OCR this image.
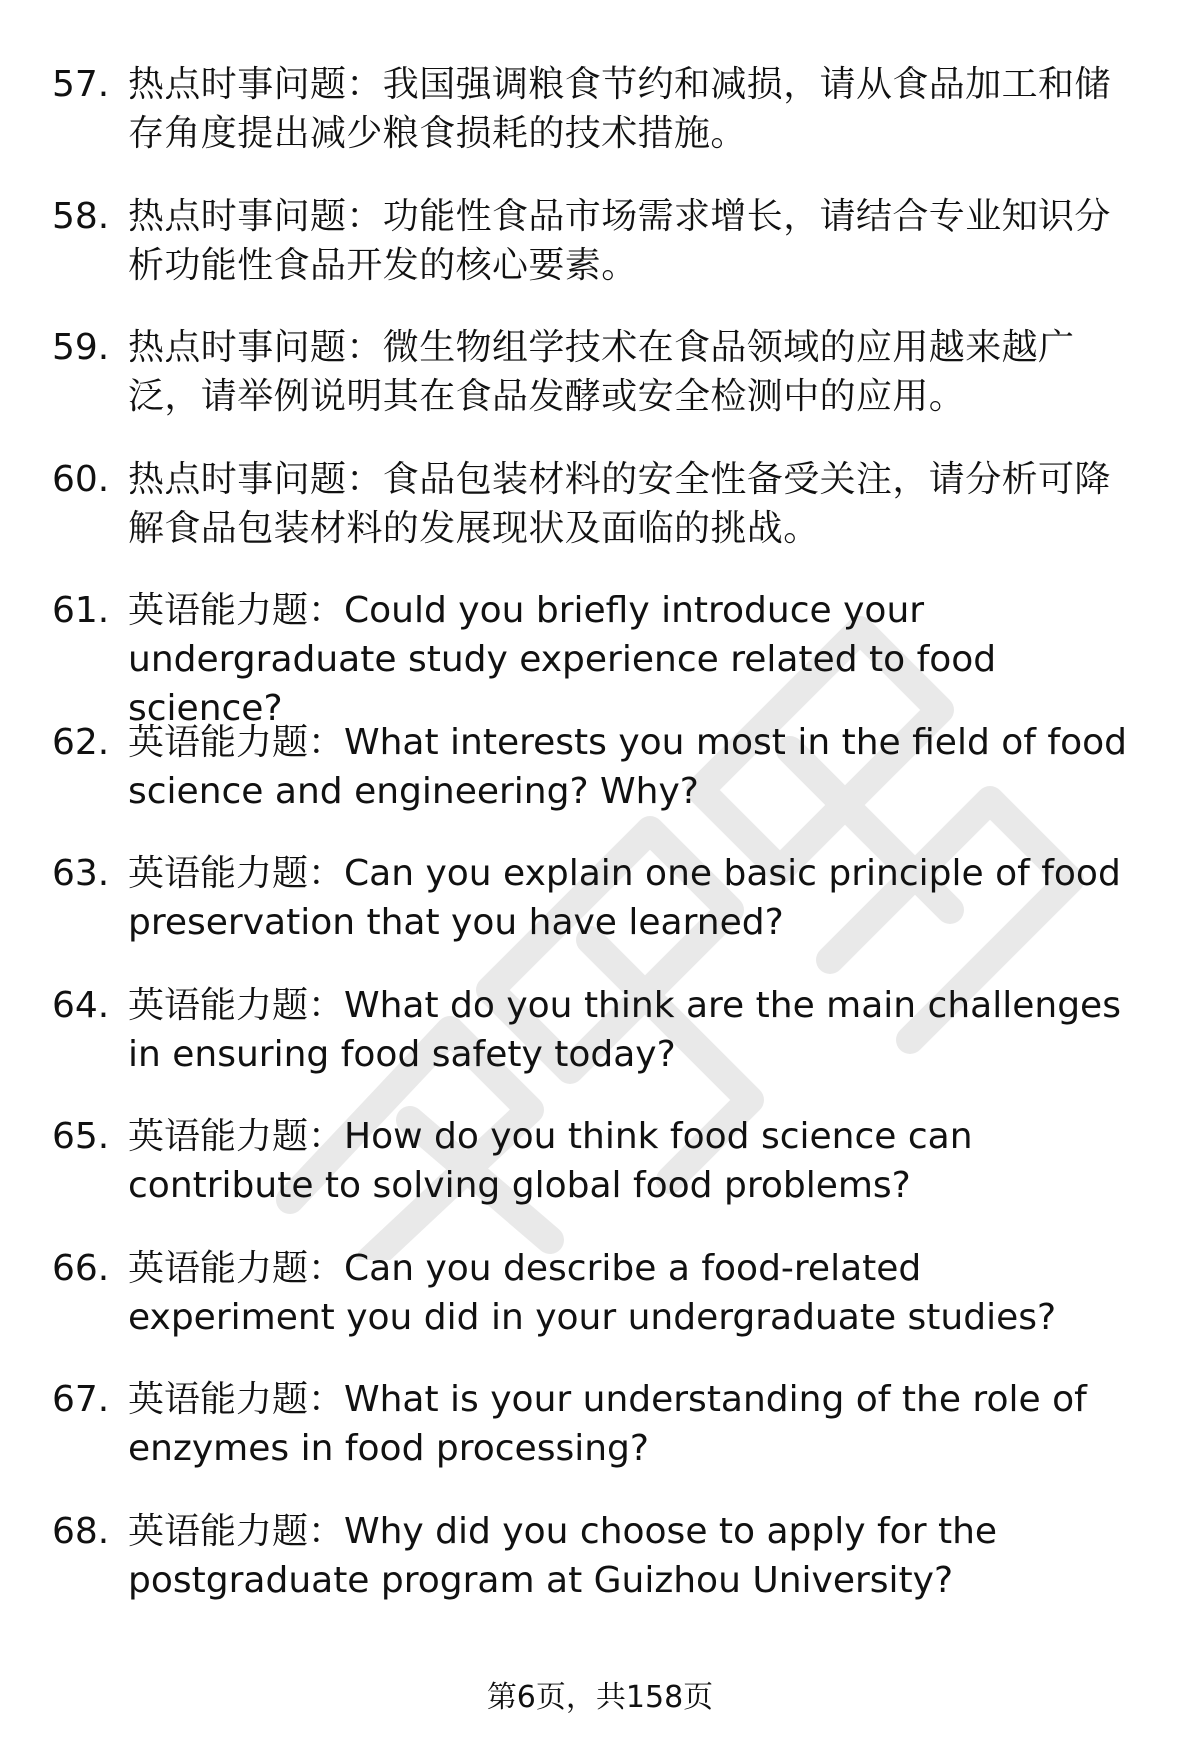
57. 热点时事问题：我国强调粮食节约和减损，请从食品加工和储存角度提出减少粮食损耗的技术措施。
58. 热点时事问题：功能性食品市场需求增长，请结合专业知识分析功能性食品开发的核心要素。
59. 热点时事问题：微生物组学技术在食品领域的应用越来越广泛，请举例说明其在食品发酵或安全检测中的应用。
60. 热点时事问题：食品包装材料的安全性备受关注，请分析可降解食品包装材料的发展现状及面临的挑战。
61. 英语能力题：Could you briefly introduce your undergraduate study experience related to food science?
62. 英语能力题：What interests you most in the field of food science and engineering? Why?
63. 英语能力题：Can you explain one basic principle of food preservation that you have learned?
64. 英语能力题：What do you think are the main challenges in ensuring food safety today?
65. 英语能力题：How do you think food science can contribute to solving global food problems?
66. 英语能力题：Can you describe a food-related experiment you did in your undergraduate studies?
67. 英语能力题：What is your understanding of the role of enzymes in food processing?
68. 英语能力题：Why did you choose to apply for the postgraduate program at Guizhou University?
第6页，共158页
